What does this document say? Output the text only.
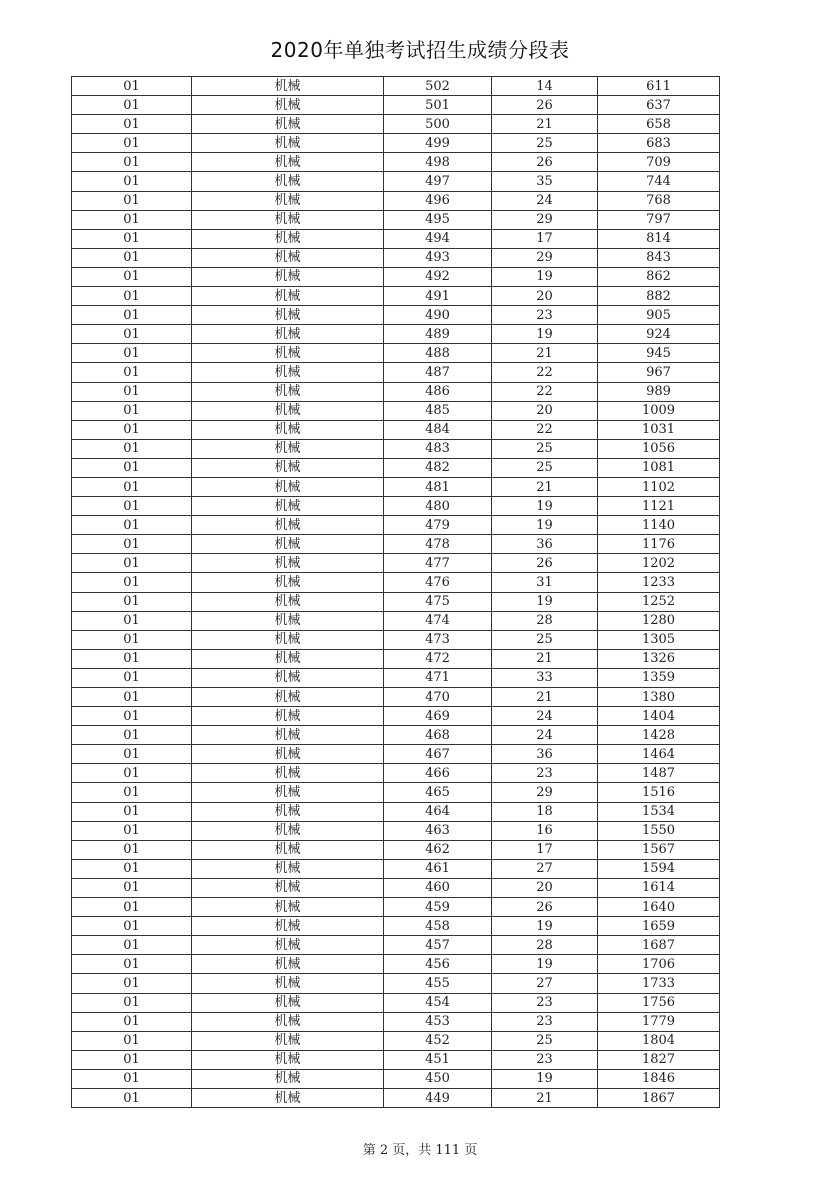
2020年单独考试招生成绩分段表
01	机械	502	14	611
01	机械	501	26	637
01	机械	500	21	658
01	机械	499	25	683
01	机械	498	26	709
01	机械	497	35	744
01	机械	496	24	768
01	机械	495	29	797
01	机械	494	17	814
01	机械	493	29	843
01	机械	492	19	862
01	机械	491	20	882
01	机械	490	23	905
01	机械	489	19	924
01	机械	488	21	945
01	机械	487	22	967
01	机械	486	22	989
01	机械	485	20	1009
01	机械	484	22	1031
01	机械	483	25	1056
01	机械	482	25	1081
01	机械	481	21	1102
01	机械	480	19	1121
01	机械	479	19	1140
01	机械	478	36	1176
01	机械	477	26	1202
01	机械	476	31	1233
01	机械	475	19	1252
01	机械	474	28	1280
01	机械	473	25	1305
01	机械	472	21	1326
01	机械	471	33	1359
01	机械	470	21	1380
01	机械	469	24	1404
01	机械	468	24	1428
01	机械	467	36	1464
01	机械	466	23	1487
01	机械	465	29	1516
01	机械	464	18	1534
01	机械	463	16	1550
01	机械	462	17	1567
01	机械	461	27	1594
01	机械	460	20	1614
01	机械	459	26	1640
01	机械	458	19	1659
01	机械	457	28	1687
01	机械	456	19	1706
01	机械	455	27	1733
01	机械	454	23	1756
01	机械	453	23	1779
01	机械	452	25	1804
01	机械	451	23	1827
01	机械	450	19	1846
01	机械	449	21	1867
第 2 页，共 111 页
